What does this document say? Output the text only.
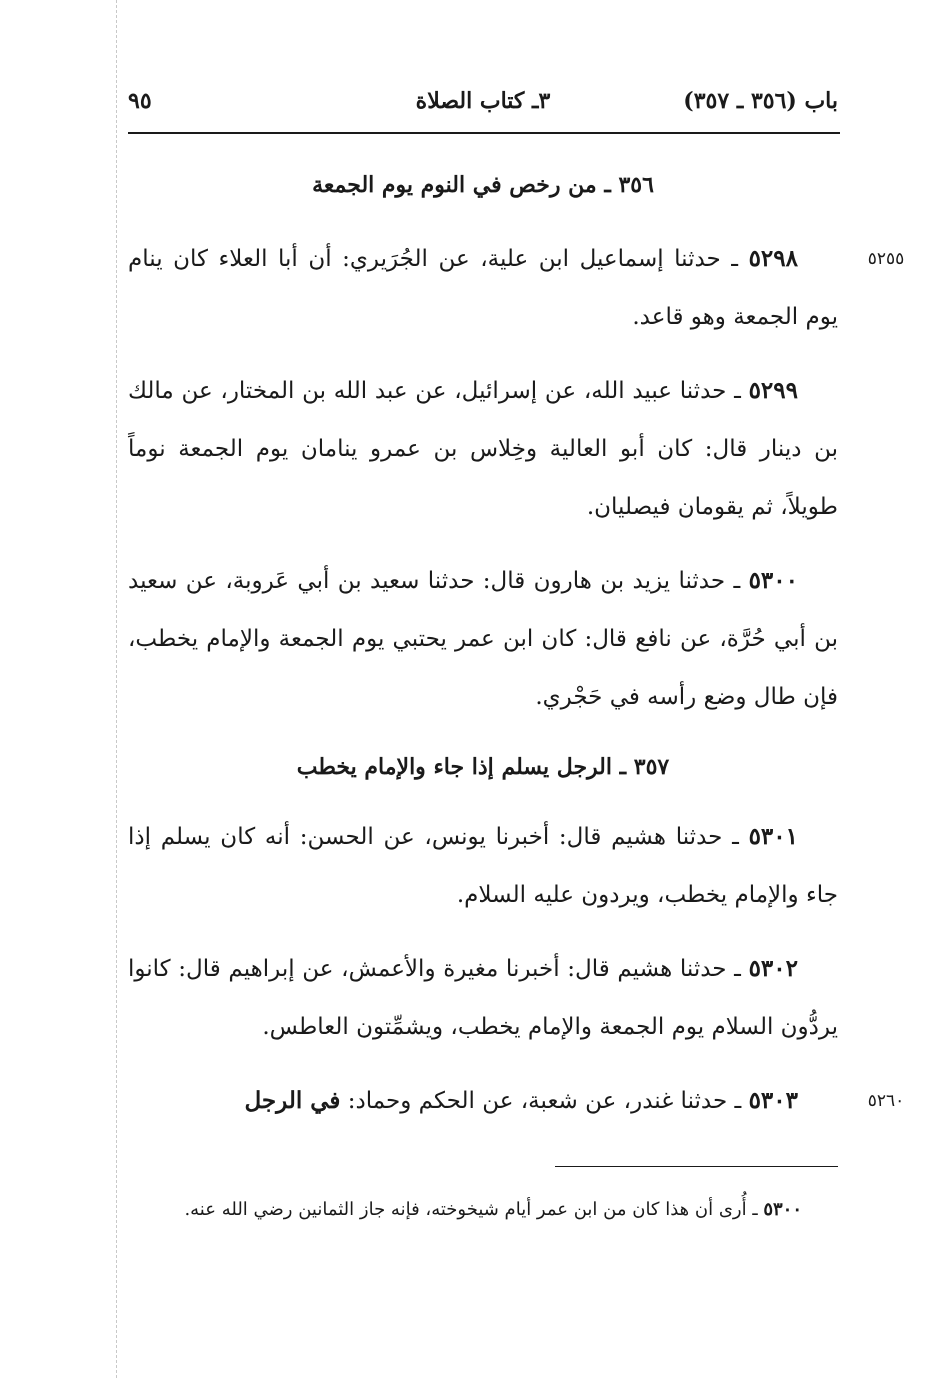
باب (٣٥٦ ـ ٣٥٧)
٣ـ كتاب الصلاة
٩٥
٣٥٦ ـ من رخص في النوم يوم الجمعة

٥٢٥٥
٥٢٩٨ ـ حدثنا إسماعيل ابن علية، عن الجُرَيري: أن أبا العلاء كان ينام يوم الجمعة وهو قاعد.

٥٢٩٩ ـ حدثنا عبيد الله، عن إسرائيل، عن عبد الله بن المختار، عن مالك بن دينار قال: كان أبو العالية وخِلاس بن عمرو ينامان يوم الجمعة نوماً طويلاً، ثم يقومان فيصليان.

٥٣٠٠ ـ حدثنا يزيد بن هارون قال: حدثنا سعيد بن أبي عَروبة، عن سعيد بن أبي حُرَّة، عن نافع قال: كان ابن عمر يحتبي يوم الجمعة والإمام يخطب، فإن طال وضع رأسه في حَجْري.

٣٥٧ ـ الرجل يسلم إذا جاء والإمام يخطب

٥٣٠١ ـ حدثنا هشيم قال: أخبرنا يونس، عن الحسن: أنه كان يسلم إذا جاء والإمام يخطب، ويردون عليه السلام.

٥٣٠٢ ـ حدثنا هشيم قال: أخبرنا مغيرة والأعمش، عن إبراهيم قال: كانوا يردُّون السلام يوم الجمعة والإمام يخطب، ويشمِّتون العاطس.

٥٢٦٠
٥٣٠٣ ـ حدثنا غندر، عن شعبة، عن الحكم وحماد: في الرجل

٥٣٠٠ ـ أُرى أن هذا كان من ابن عمر أيام شيخوخته، فإنه جاز الثمانين رضي الله عنه.
